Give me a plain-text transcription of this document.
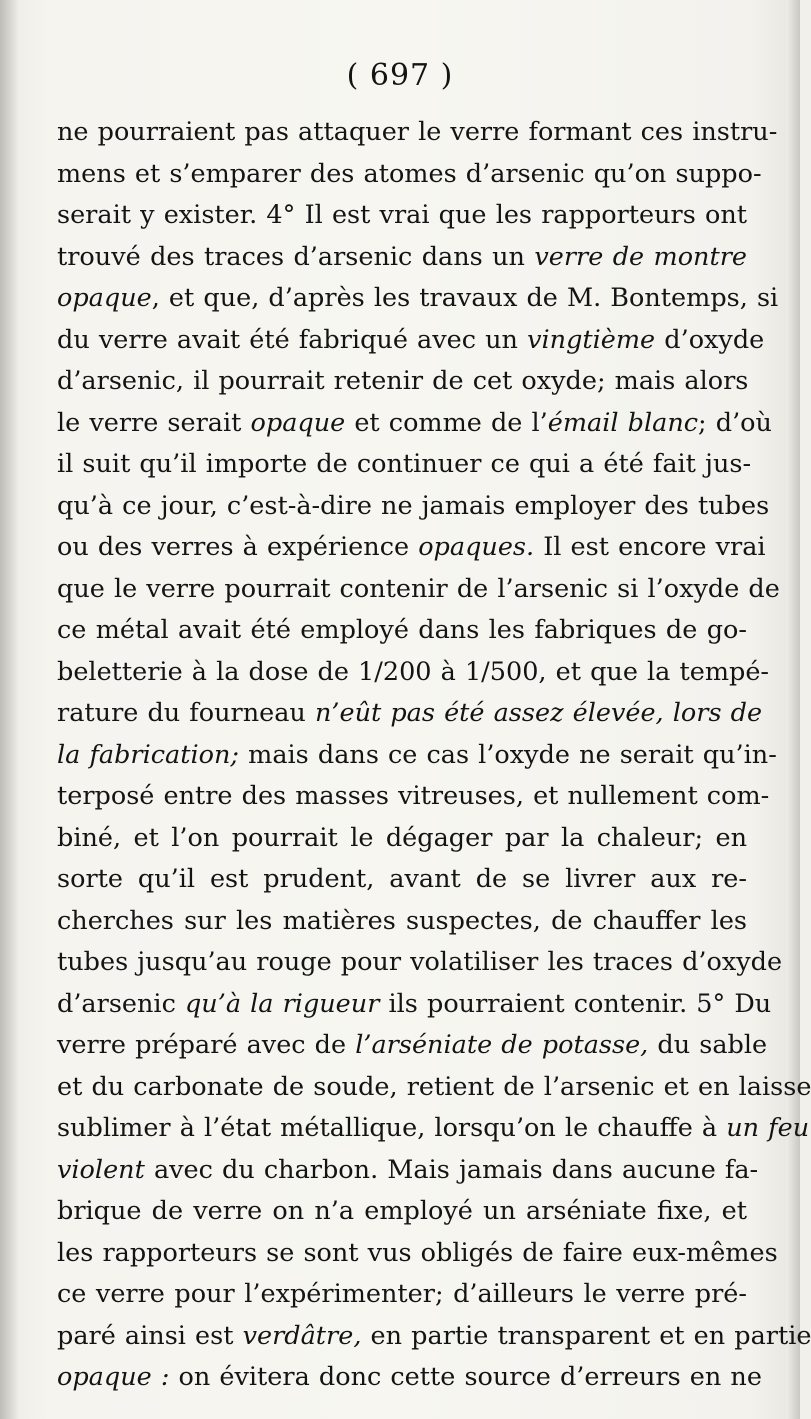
( 697 )
ne pourraient pas attaquer le verre formant ces instru-
mens et s’emparer des atomes d’arsenic qu’on suppo-
serait y exister. 4° Il est vrai que les rapporteurs ont
trouvé des traces d’arsenic dans un verre de montre
opaque, et que, d’après les travaux de M. Bontemps, si
du verre avait été fabriqué avec un vingtième d’oxyde
d’arsenic, il pourrait retenir de cet oxyde; mais alors
le verre serait opaque et comme de l’émail blanc; d’où
il suit qu’il importe de continuer ce qui a été fait jus-
qu’à ce jour, c’est-à-dire ne jamais employer des tubes
ou des verres à expérience opaques. Il est encore vrai
que le verre pourrait contenir de l’arsenic si l’oxyde de
ce métal avait été employé dans les fabriques de go-
beletterie à la dose de 1/200 à 1/500, et que la tempé-
rature du fourneau n’eût pas été assez élevée, lors de
la fabrication; mais dans ce cas l’oxyde ne serait qu’in-
terposé entre des masses vitreuses, et nullement com-
biné, et l’on pourrait le dégager par la chaleur; en
sorte qu’il est prudent, avant de se livrer aux re-
cherches sur les matières suspectes, de chauffer les
tubes jusqu’au rouge pour volatiliser les traces d’oxyde
d’arsenic qu’à la rigueur ils pourraient contenir. 5° Du
verre préparé avec de l’arséniate de potasse, du sable
et du carbonate de soude, retient de l’arsenic et en laisse
sublimer à l’état métallique, lorsqu’on le chauffe à un feu
violent avec du charbon. Mais jamais dans aucune fa-
brique de verre on n’a employé un arséniate fixe, et
les rapporteurs se sont vus obligés de faire eux-mêmes
ce verre pour l’expérimenter; d’ailleurs le verre pré-
paré ainsi est verdâtre, en partie transparent et en partie
opaque : on évitera donc cette source d’erreurs en ne
